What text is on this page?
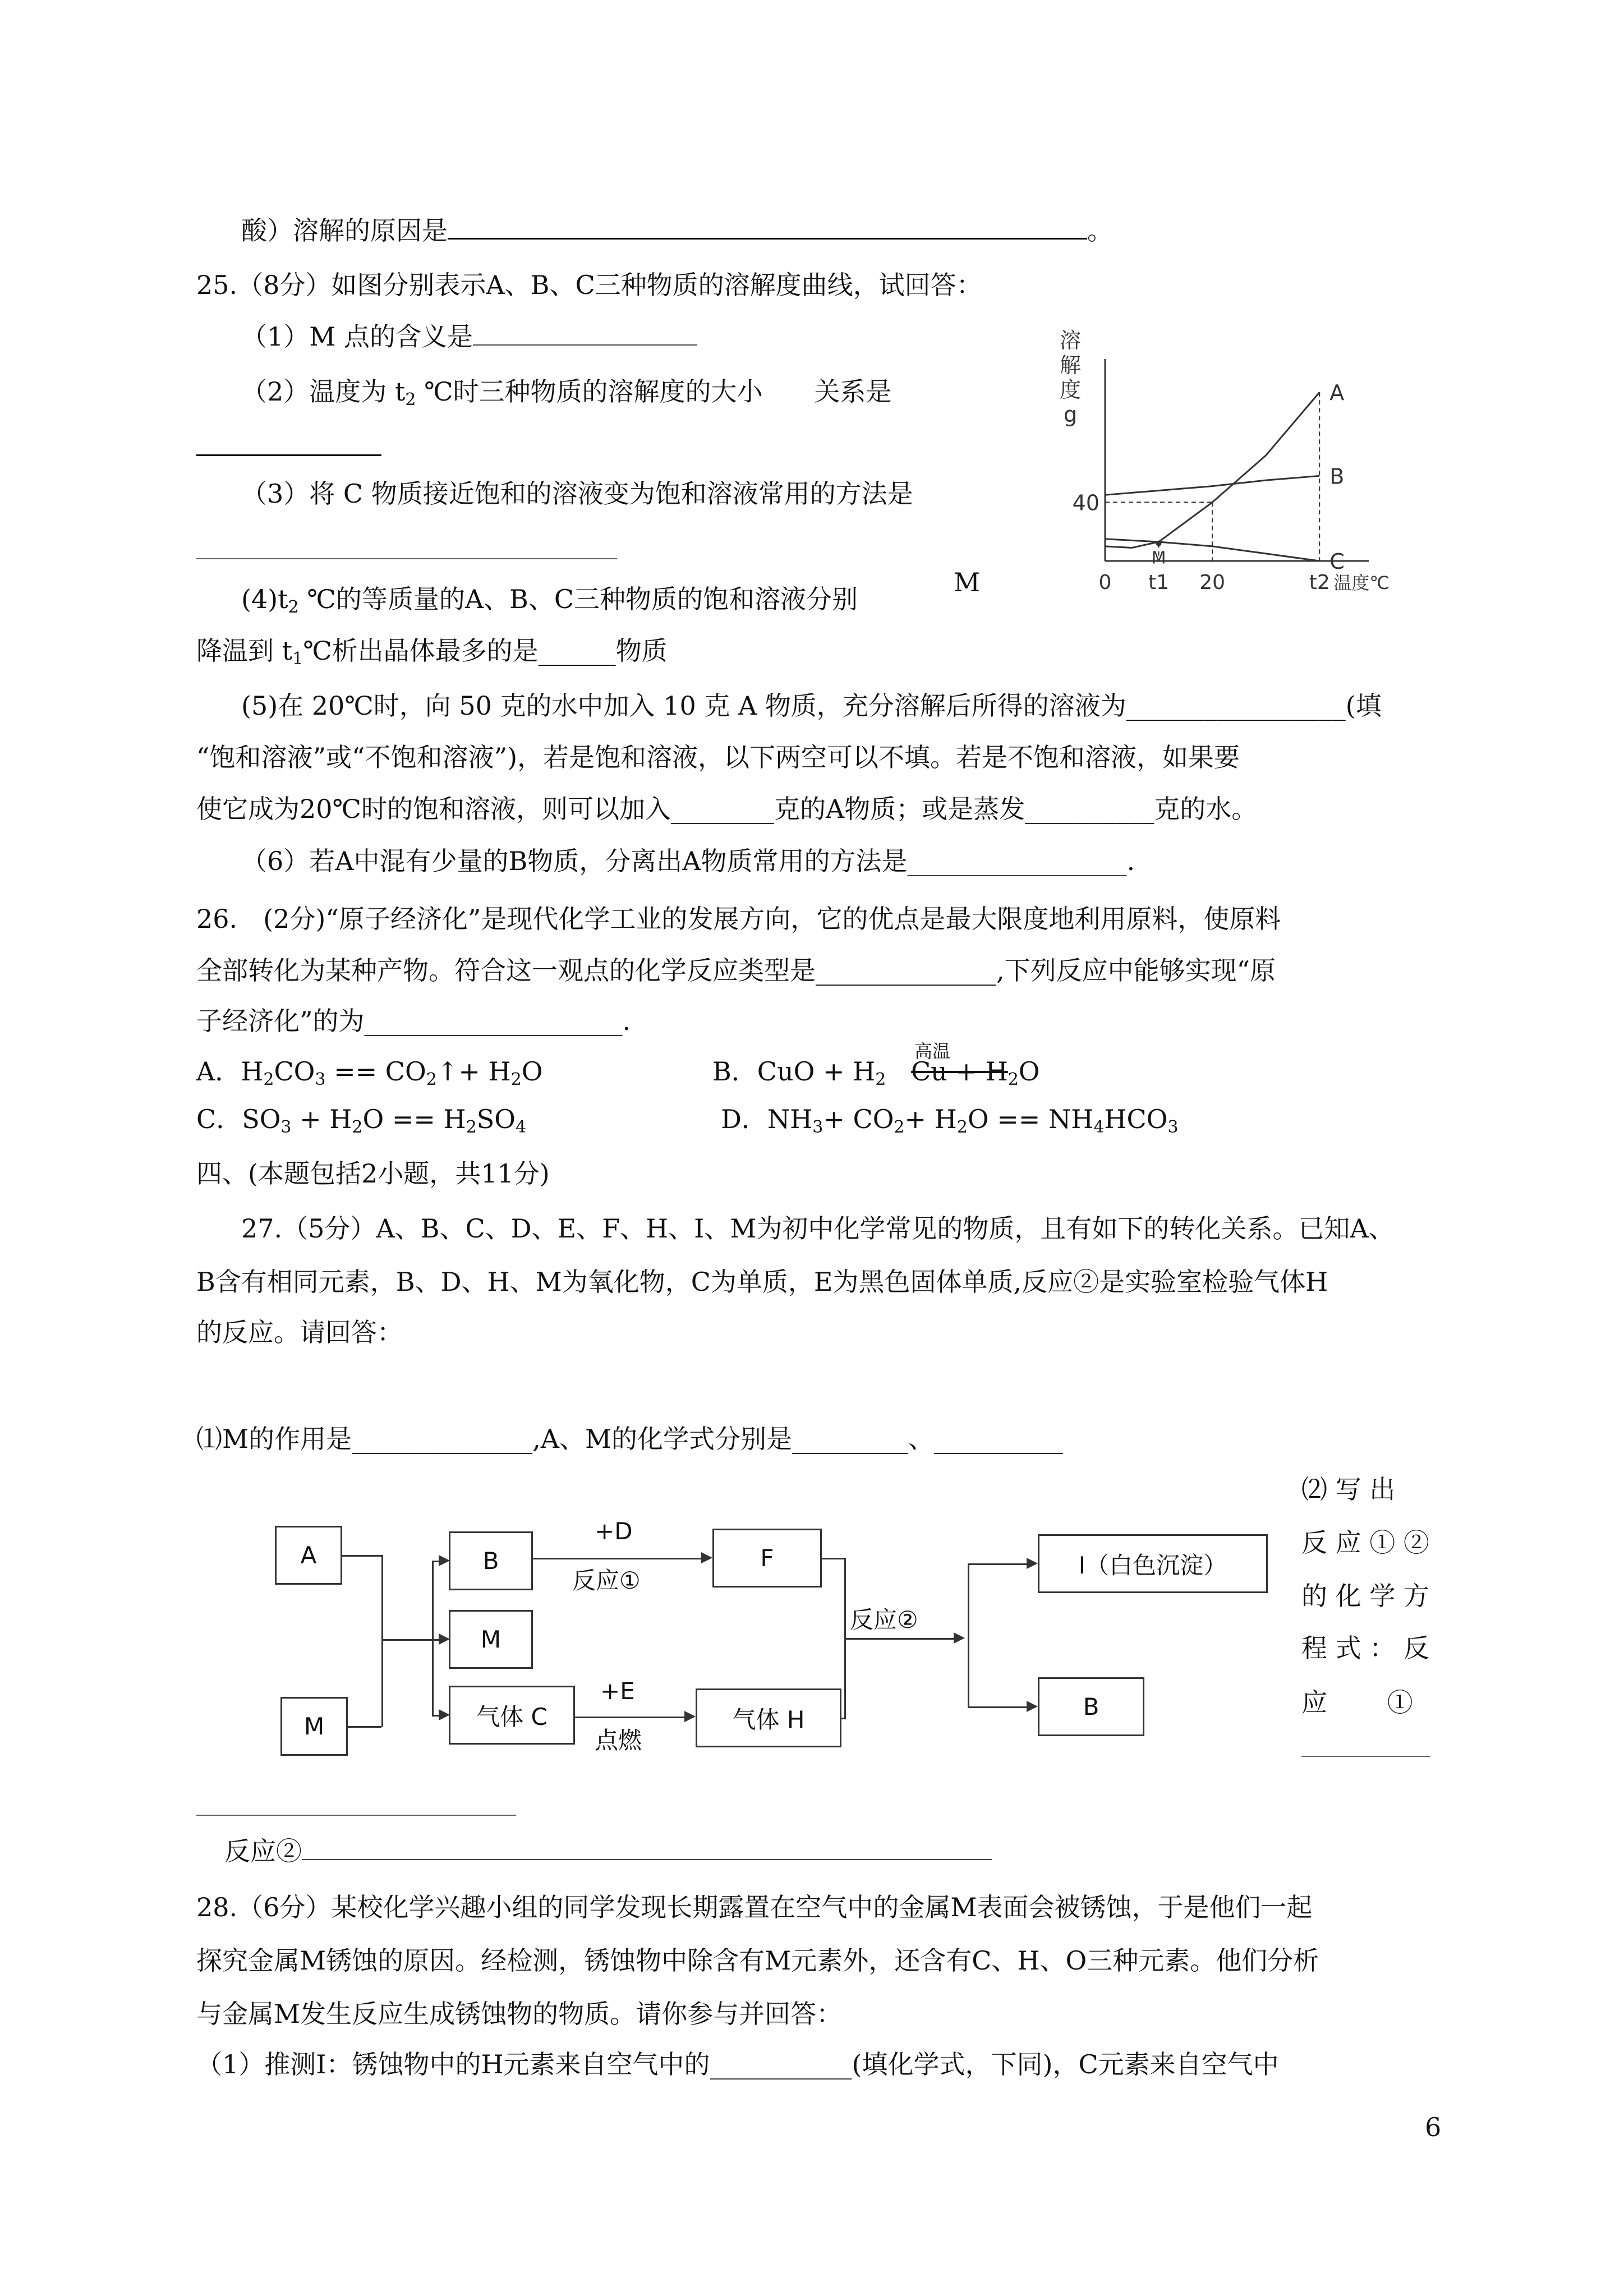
酸）溶解的原因是	。
25.（8分）如图分别表示A、B、C三种物质的溶解度曲线，试回答：
（1）M 点的含义是
（2）温度为 $t_2$ ℃时三种物质的溶解度的大小　　关系是
（3）将 C 物质接近饱和的溶液变为饱和溶液常用的方法是
$(4)t_2$ ℃的等质量的A、B、C三种物质的饱和溶液分别
M
降温到 $t_1℃$析出晶体最多的是______物质
(5)在 20℃时，向 50 克的水中加入 10 克 A 物质，充分溶解后所得的溶液为_________________(填
“饱和溶液”或“不饱和溶液”)，若是饱和溶液，以下两空可以不填。若是不饱和溶液，如果要
使它成为20℃时的饱和溶液，则可以加入________克的A物质；或是蒸发__________克的水。
（6）若A中混有少量的B物质，分离出A物质常用的方法是_________________.
溶
解
度
g
40
0 t1 20	t2 温度℃
A
B
C
M
26.　(2分)“原子经济化”是现代化学工业的发展方向，它的优点是最大限度地利用原料，使原料
全部转化为某种产物。符合这一观点的化学反应类型是______________,下列反应中能够实现“原
子经济化”的为____________________.
A．$H_2CO_3$ == $CO_2↑+ H_2O$	B．CuO + $H_2$
高温
$Cu + H_2O$
C．$SO_3 + H_2O == H_2SO_4$	D．$NH_3+ CO_2+ H_2O == NH_4HCO_3$
四、(本题包括2小题，共11分)
27.（5分）A、B、C、D、E、F、H、I、M为初中化学常见的物质，且有如下的转化关系。已知A、
B含有相同元素，B、D、H、M为氧化物，C为单质，E为黑色固体单质,反应②是实验室检验气体H
的反应。请回答：
⑴M的作用是______________,A、M的化学式分别是_________、__________
⑵ 写 出
反 应 ① ②
的 化 学 方
程 式 ： 反
应　　 ①
反应②
A
M
B
M
气体 C
F
气体 H
I（白色沉淀）
B
+D
反应①
+E
点燃
反应②
28.（6分）某校化学兴趣小组的同学发现长期露置在空气中的金属M表面会被锈蚀，于是他们一起
探究金属M锈蚀的原因。经检测，锈蚀物中除含有M元素外，还含有C、H、O三种元素。他们分析
与金属M发生反应生成锈蚀物的物质。请你参与并回答：
（1）推测Ⅰ：锈蚀物中的H元素来自空气中的___________(填化学式，下同)，C元素来自空气中
6
